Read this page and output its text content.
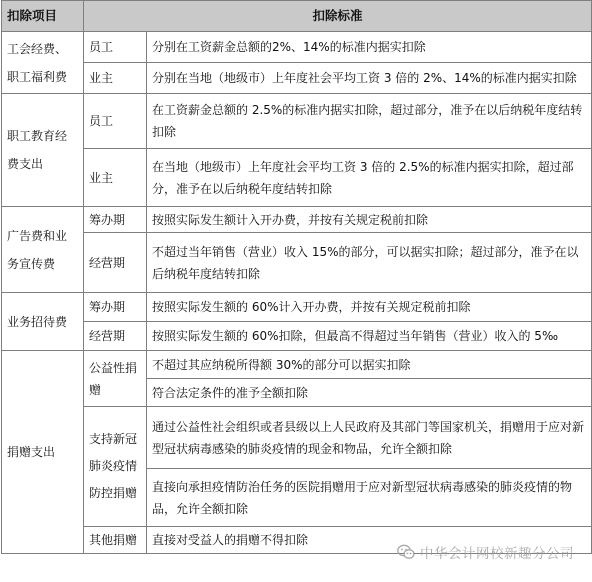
扣除项目	扣除标准	
工会经费、职工福利费	员工	分别在工资薪金总额的2%、14%的标准内据实扣除
	业主	分别在当地（地级市）上年度社会平均工资 3 倍的 2%、14%的标准内据实扣除
职工教育经费支出	员工	在工资薪金总额的 2.5%的标准内据实扣除，超过部分，准予在以后纳税年度结转扣除
	业主	在当地（地级市）上年度社会平均工资 3 倍的 2.5%的标准内据实扣除，超过部分，准予在以后纳税年度结转扣除
广告费和业务宣传费	筹办期	按照实际发生额计入开办费，并按有关规定税前扣除
	经营期	不超过当年销售（营业）收入 15%的部分，可以据实扣除；超过部分，准予在以后纳税年度结转扣除
业务招待费	筹办期	按照实际发生额的 60%计入开办费，并按有关规定税前扣除
	经营期	按照实际发生额的 60%扣除，但最高不得超过当年销售（营业）收入的 5‰
捐赠支出	公益性捐赠	不超过其应纳税所得额 30%的部分可以据实扣除
		符合法定条件的准予全额扣除
	支持新冠肺炎疫情防控捐赠	通过公益性社会组织或者县级以上人民政府及其部门等国家机关，捐赠用于应对新型冠状病毒感染的肺炎疫情的现金和物品，允许全额扣除
		直接向承担疫情防治任务的医院捐赠用于应对新型冠状病毒感染的肺炎疫情的物品，允许全额扣除
	其他捐赠	直接对受益人的捐赠不得扣除
中华会计网校新趣分公司
